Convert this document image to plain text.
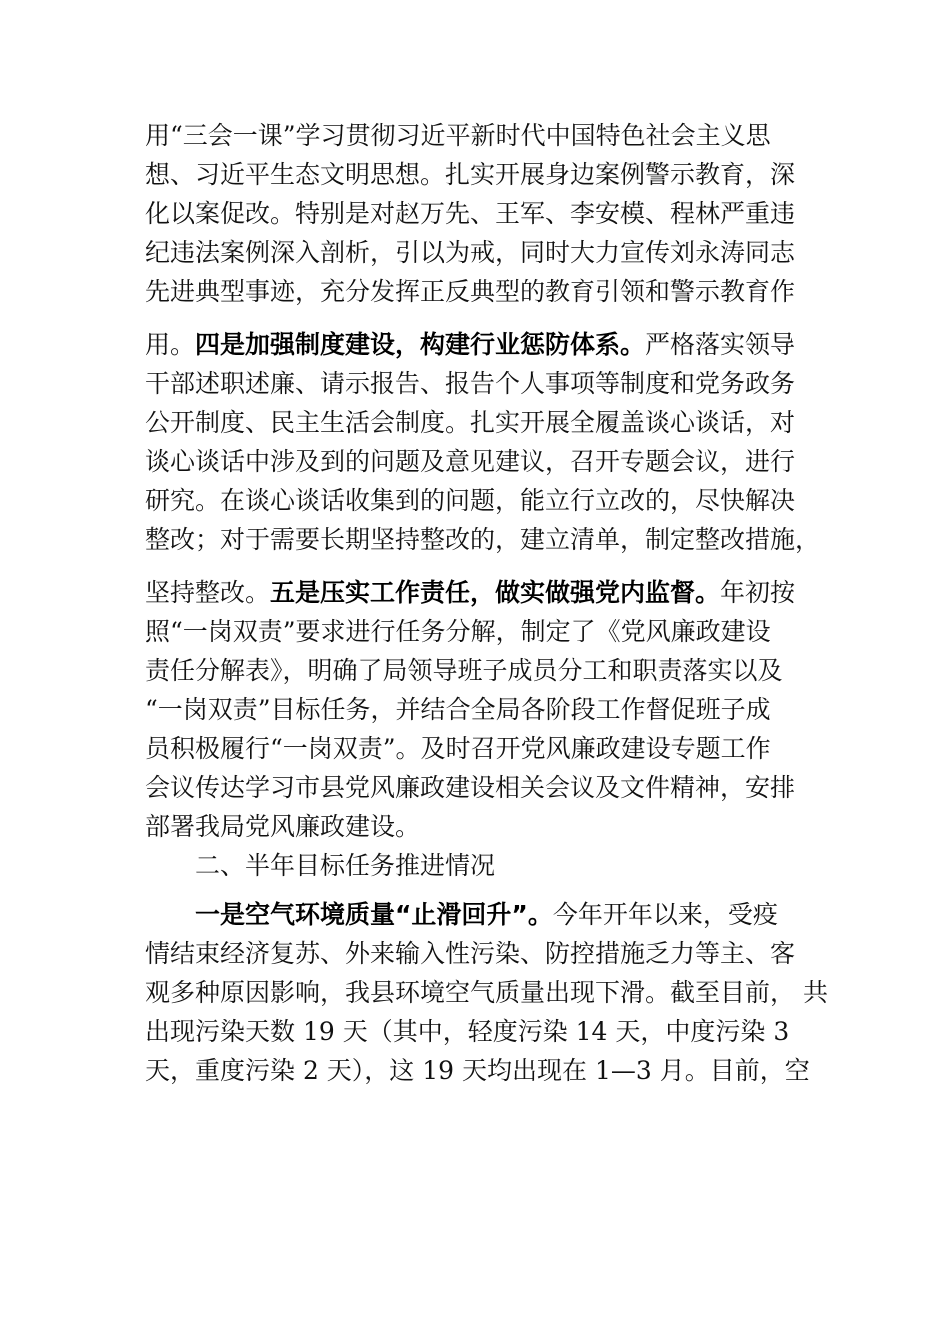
用“三会一课”学习贯彻习近平新时代中国特色社会主义思
想、习近平生态文明思想。扎实开展身边案例警示教育，深
化以案促改。特别是对赵万先、王军、李安模、程林严重违
纪违法案例深入剖析，引以为戒，同时大力宣传刘永涛同志
先进典型事迹，充分发挥正反典型的教育引领和警示教育作
用。四是加强制度建设，构建行业惩防体系。严格落实领导
干部述职述廉、请示报告、报告个人事项等制度和党务政务
公开制度、民主生活会制度。扎实开展全履盖谈心谈话，对
谈心谈话中涉及到的问题及意见建议，召开专题会议，进行
研究。在谈心谈话收集到的问题，能立行立改的，尽快解决
整改；对于需要长期坚持整改的，建立清单，制定整改措施，
坚持整改。五是压实工作责任，做实做强党内监督。年初按
照“一岗双责”要求进行任务分解，制定了《党风廉政建设
责任分解表》，明确了局领导班子成员分工和职责落实以及
“一岗双责”目标任务，并结合全局各阶段工作督促班子成
员积极履行“一岗双责”。及时召开党风廉政建设专题工作
会议传达学习市县党风廉政建设相关会议及文件精神，安排
部署我局党风廉政建设。
二、半年目标任务推进情况
一是空气环境质量“止滑回升”。今年开年以来，受疫
情结束经济复苏、外来输入性污染、防控措施乏力等主、客
观多种原因影响，我县环境空气质量出现下滑。截至目前， 共
出现污染天数 19 天（其中，轻度污染 14 天，中度污染 3
天，重度污染 2 天），这 19 天均出现在 1—3 月。目前，空
